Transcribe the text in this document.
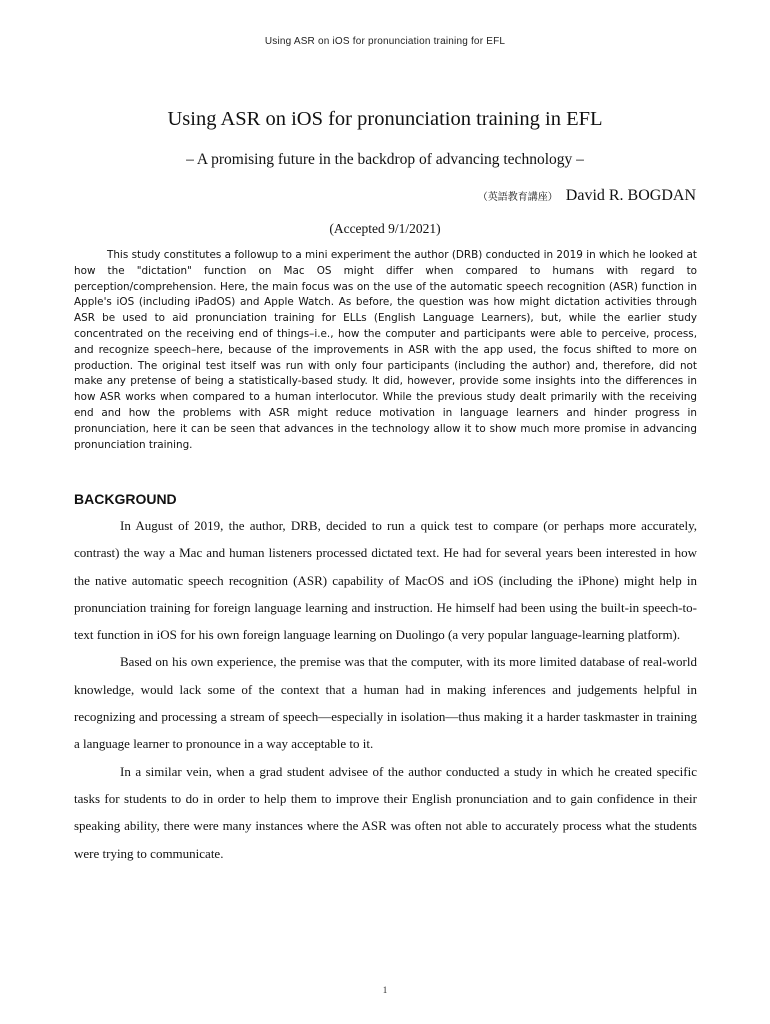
Using ASR on iOS for pronunciation training for EFL
Using ASR on iOS for pronunciation training in EFL
– A promising future in the backdrop of advancing technology –
（英語教育講座） David R. BOGDAN
(Accepted 9/1/2021)

This study constitutes a followup to a mini experiment the author (DRB) conducted in 2019 in which he looked at how the "dictation" function on Mac OS might differ when compared to humans with regard to perception/comprehension. Here, the main focus was on the use of the automatic speech recognition (ASR) function in Apple's iOS (including iPadOS) and Apple Watch. As before, the question was how might dictation activities through ASR be used to aid pronunciation training for ELLs (English Language Learners), but, while the earlier study concentrated on the receiving end of things–i.e., how the computer and participants were able to perceive, process, and recognize speech–here, because of the improvements in ASR with the app used, the focus shifted to more on production. The original test itself was run with only four participants (including the author) and, therefore, did not make any pretense of being a statistically-based study. It did, however, provide some insights into the differences in how ASR works when compared to a human interlocutor. While the previous study dealt primarily with the receiving end and how the problems with ASR might reduce motivation in language learners and hinder progress in pronunciation, here it can be seen that advances in the technology allow it to show much more promise in advancing pronunciation training.

BACKGROUND

In August of 2019, the author, DRB, decided to run a quick test to compare (or perhaps more accurately, contrast) the way a Mac and human listeners processed dictated text. He had for several years been interested in how the native automatic speech recognition (ASR) capability of MacOS and iOS (including the iPhone) might help in pronunciation training for foreign language learning and instruction. He himself had been using the built-in speech-to-text function in iOS for his own foreign language learning on Duolingo (a very popular language-learning platform).

Based on his own experience, the premise was that the computer, with its more limited database of real-world knowledge, would lack some of the context that a human had in making inferences and judgements helpful in recognizing and processing a stream of speech—especially in isolation—thus making it a harder taskmaster in training a language learner to pronounce in a way acceptable to it.

In a similar vein, when a grad student advisee of the author conducted a study in which he created specific tasks for students to do in order to help them to improve their English pronunciation and to gain confidence in their speaking ability, there were many instances where the ASR was often not able to accurately process what the students were trying to communicate.

1
